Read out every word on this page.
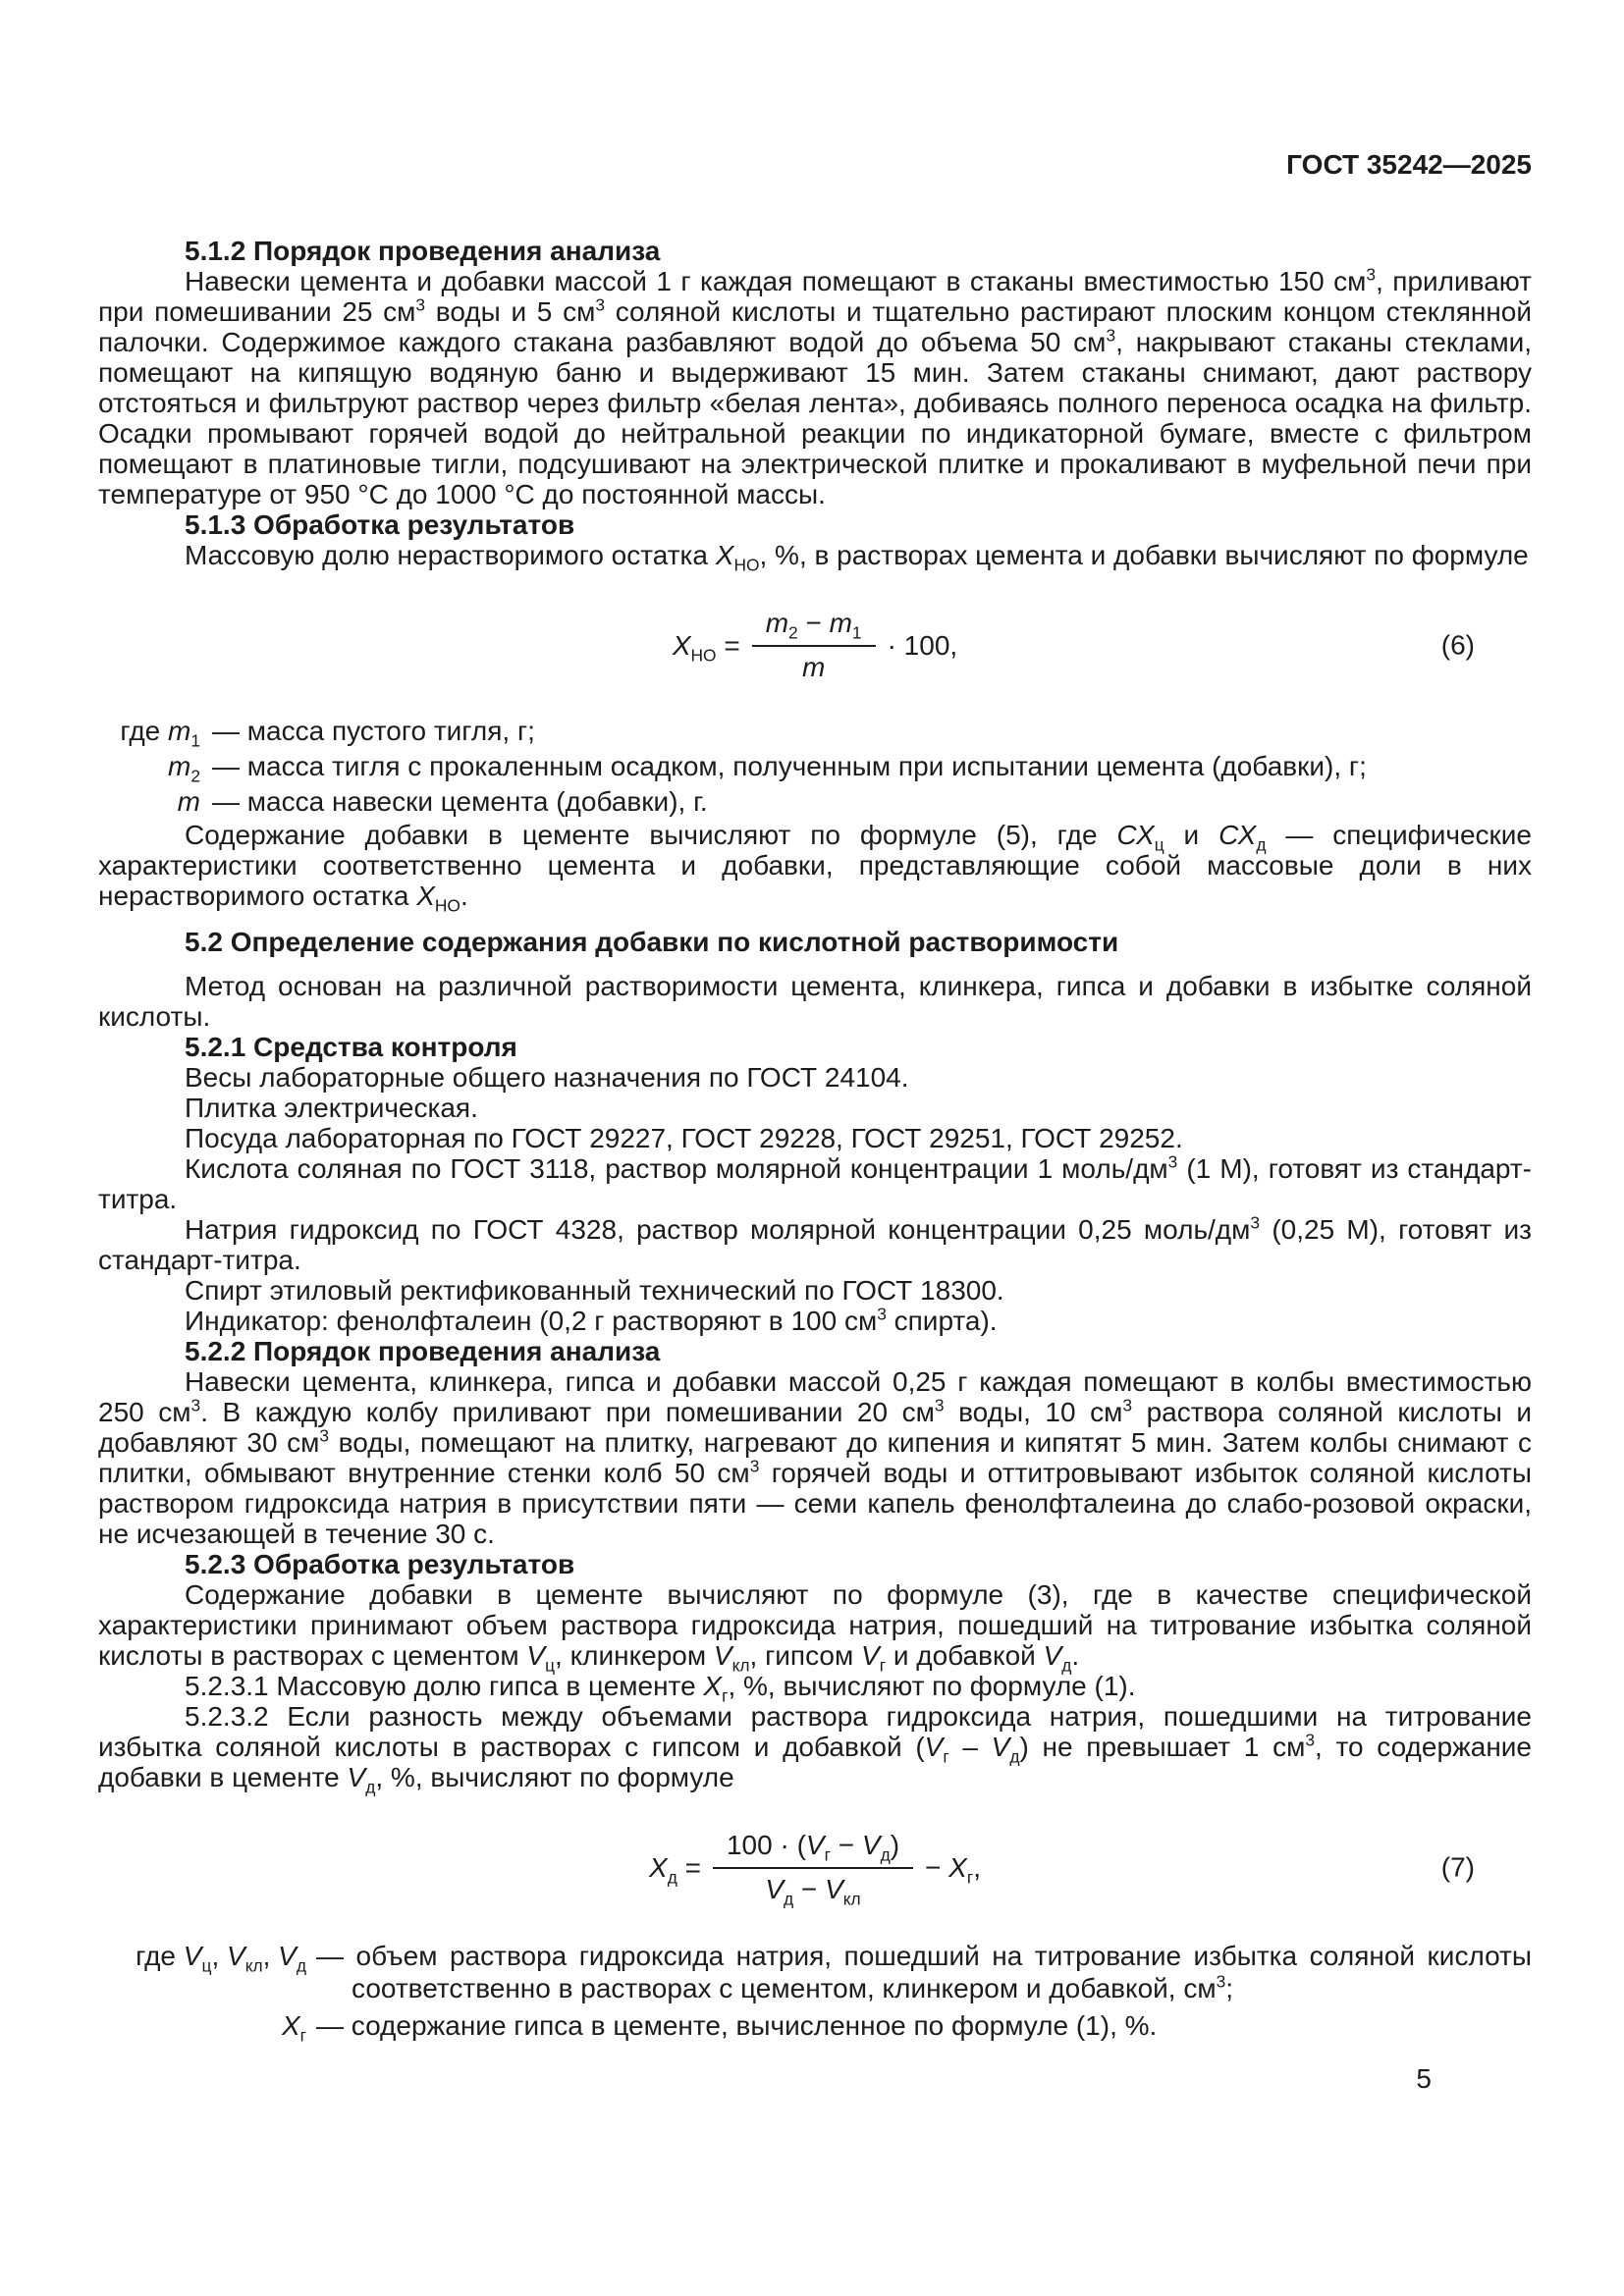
ГОСТ 35242—2025
5.1.2 Порядок проведения анализа

Навески цемента и добавки массой 1 г каждая помещают в стаканы вместимостью 150 $см^3$, приливают при помешивании 25 $см^3$ воды и 5 $см^3$ соляной кислоты и тщательно растирают плоским концом стеклянной палочки. Содержимое каждого стакана разбавляют водой до объема 50 $см^3$, накрывают стаканы стеклами, помещают на кипящую водяную баню и выдерживают 15 мин. Затем стаканы снимают, дают раствору отстояться и фильтруют раствор через фильтр «белая лента», добиваясь полного переноса осадка на фильтр. Осадки промывают горячей водой до нейтральной реакции по индикаторной бумаге, вместе с фильтром помещают в платиновые тигли, подсушивают на электрической плитке и прокаливают в муфельной печи при температуре от 950 °С до 1000 °С до постоянной массы.

5.1.3 Обработка результатов

Массовую долю нерастворимого остатка $X_{НО}$, %, в растворах цемента и добавки вычисляют по формуле

$X_{НО} = \frac{m_2 - m_1}{m} \cdot 100$,	(6)
где $m_1$ — масса пустого тигля, г;
$m_2$ — масса тигля с прокаленным осадком, полученным при испытании цемента (добавки), г;
m — масса навески цемента (добавки), г.

Содержание добавки в цементе вычисляют по формуле (5), где $СХ_ц$ и $СХ_д$ — специфические характеристики соответственно цемента и добавки, представляющие собой массовые доли в них нерастворимого остатка $X_{НО}$.

5.2 Определение содержания добавки по кислотной растворимости

Метод основан на различной растворимости цемента, клинкера, гипса и добавки в избытке соляной кислоты.

5.2.1 Средства контроля

Весы лабораторные общего назначения по ГОСТ 24104.

Плитка электрическая.

Посуда лабораторная по ГОСТ 29227, ГОСТ 29228, ГОСТ 29251, ГОСТ 29252.

Кислота соляная по ГОСТ 3118, раствор молярной концентрации 1 моль/$дм^3$ (1 М), готовят из стандарт-титра.

Натрия гидроксид по ГОСТ 4328, раствор молярной концентрации 0,25 моль/$дм^3$ (0,25 М), готовят из стандарт-титра.

Спирт этиловый ректификованный технический по ГОСТ 18300.

Индикатор: фенолфталеин (0,2 г растворяют в 100 $см^3$ спирта).

5.2.2 Порядок проведения анализа

Навески цемента, клинкера, гипса и добавки массой 0,25 г каждая помещают в колбы вместимостью 250 $см^3$. В каждую колбу приливают при помешивании 20 $см^3$ воды, 10 $см^3$ раствора соляной кислоты и добавляют 30 $см^3$ воды, помещают на плитку, нагревают до кипения и кипятят 5 мин. Затем колбы снимают с плитки, обмывают внутренние стенки колб 50 $см^3$ горячей воды и оттитровывают избыток соляной кислоты раствором гидроксида натрия в присутствии пяти — семи капель фенолфталеина до слабо-розовой окраски, не исчезающей в течение 30 с.

5.2.3 Обработка результатов

Содержание добавки в цементе вычисляют по формуле (3), где в качестве специфической характеристики принимают объем раствора гидроксида натрия, пошедший на титрование избытка соляной кислоты в растворах с цементом $V_ц$, клинкером $V_{кл}$, гипсом $V_г$ и добавкой $V_д$.

5.2.3.1 Массовую долю гипса в цементе $X_г$, %, вычисляют по формуле (1).

5.2.3.2 Если разность между объемами раствора гидроксида натрия, пошедшими на титрование избытка соляной кислоты в растворах с гипсом и добавкой $(V_г - V_д)$ не превышает 1 $см^3$, то содержание добавки в цементе $V_д$, %, вычисляют по формуле

$X_д = \frac{100 \cdot (V_г - V_д)}{V_д - V_{кл}} - X_г$,	(7)
где $V_ц$, $V_{кл}$, $V_д$ — объем раствора гидроксида натрия, пошедший на титрование избытка соляной кислоты соответственно в растворах с цементом, клинкером и добавкой, $см^3$;
$X_г$ — содержание гипса в цементе, вычисленное по формуле (1), %.
5
